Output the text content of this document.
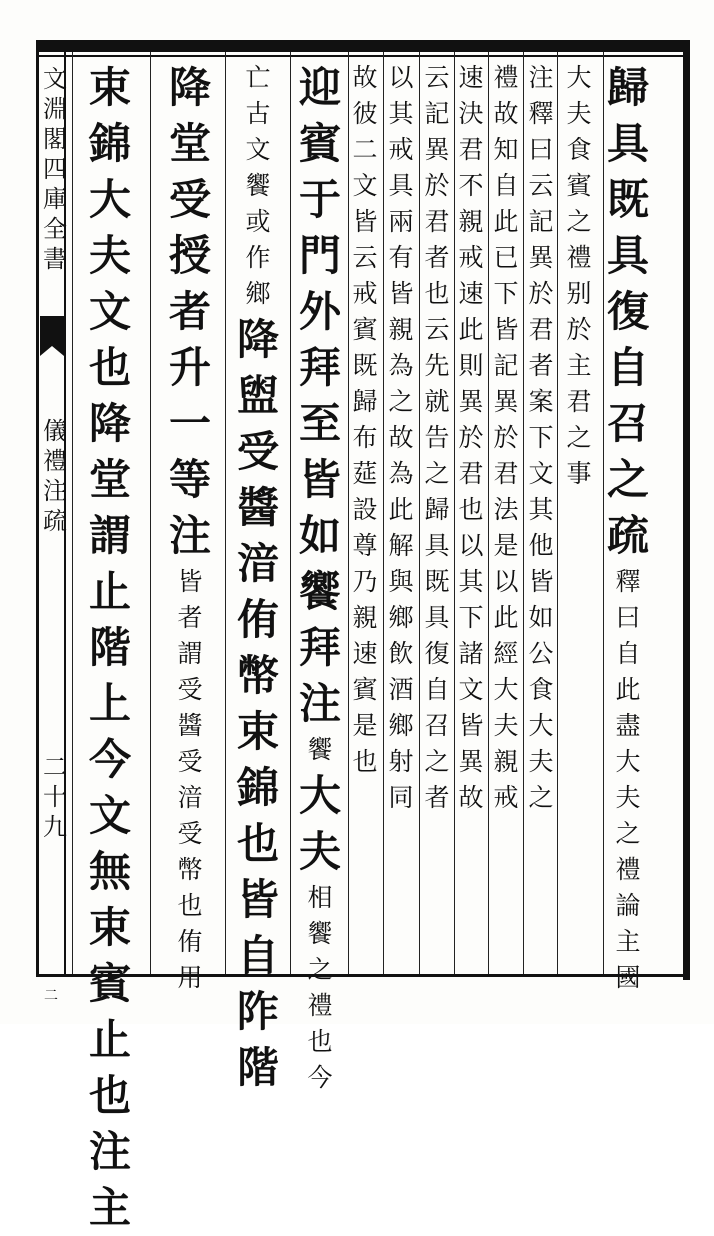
文
淵
閣
四
庫
全
書
儀
禮
注
疏
二
十
九
二
歸
具
既
具
復
自
召
之
疏
釋
曰
自
此
盡
大
夫
之
禮
論
主
國
大
夫
食
賓
之
禮
别
於
主
君
之
事
注
釋
曰
云
記
異
於
君
者
案
下
文
其
他
皆
如
公
食
大
夫
之
禮
故
知
自
此
已
下
皆
記
異
於
君
法
是
以
此
經
大
夫
親
戒
速
決
君
不
親
戒
速
此
則
異
於
君
也
以
其
下
諸
文
皆
異
故
云
記
異
於
君
者
也
云
先
就
告
之
歸
具
既
具
復
自
召
之
者
以
其
戒
具
兩
有
皆
親
為
之
故
為
此
解
與
鄉
飲
酒
鄉
射
同
故
彼
二
文
皆
云
戒
賓
既
歸
布
莚
設
尊
乃
親
速
賓
是
也
迎
賓
于
門
外
拜
至
皆
如
饗
拜
注
饗
大
夫
相
饗
之
禮
也
今
亡
古
文
饗
或
作
鄉
降
盥
受
醬
湆
侑
幣
束
錦
也
皆
自
阼
階
降
堂
受
授
者
升
一
等
注
皆
者
謂
受
醬
受
湆
受
幣
也
侑
用
束
錦
大
夫
文
也
降
堂
謂
止
階
上
今
文
無
束
賓
止
也
注
主
